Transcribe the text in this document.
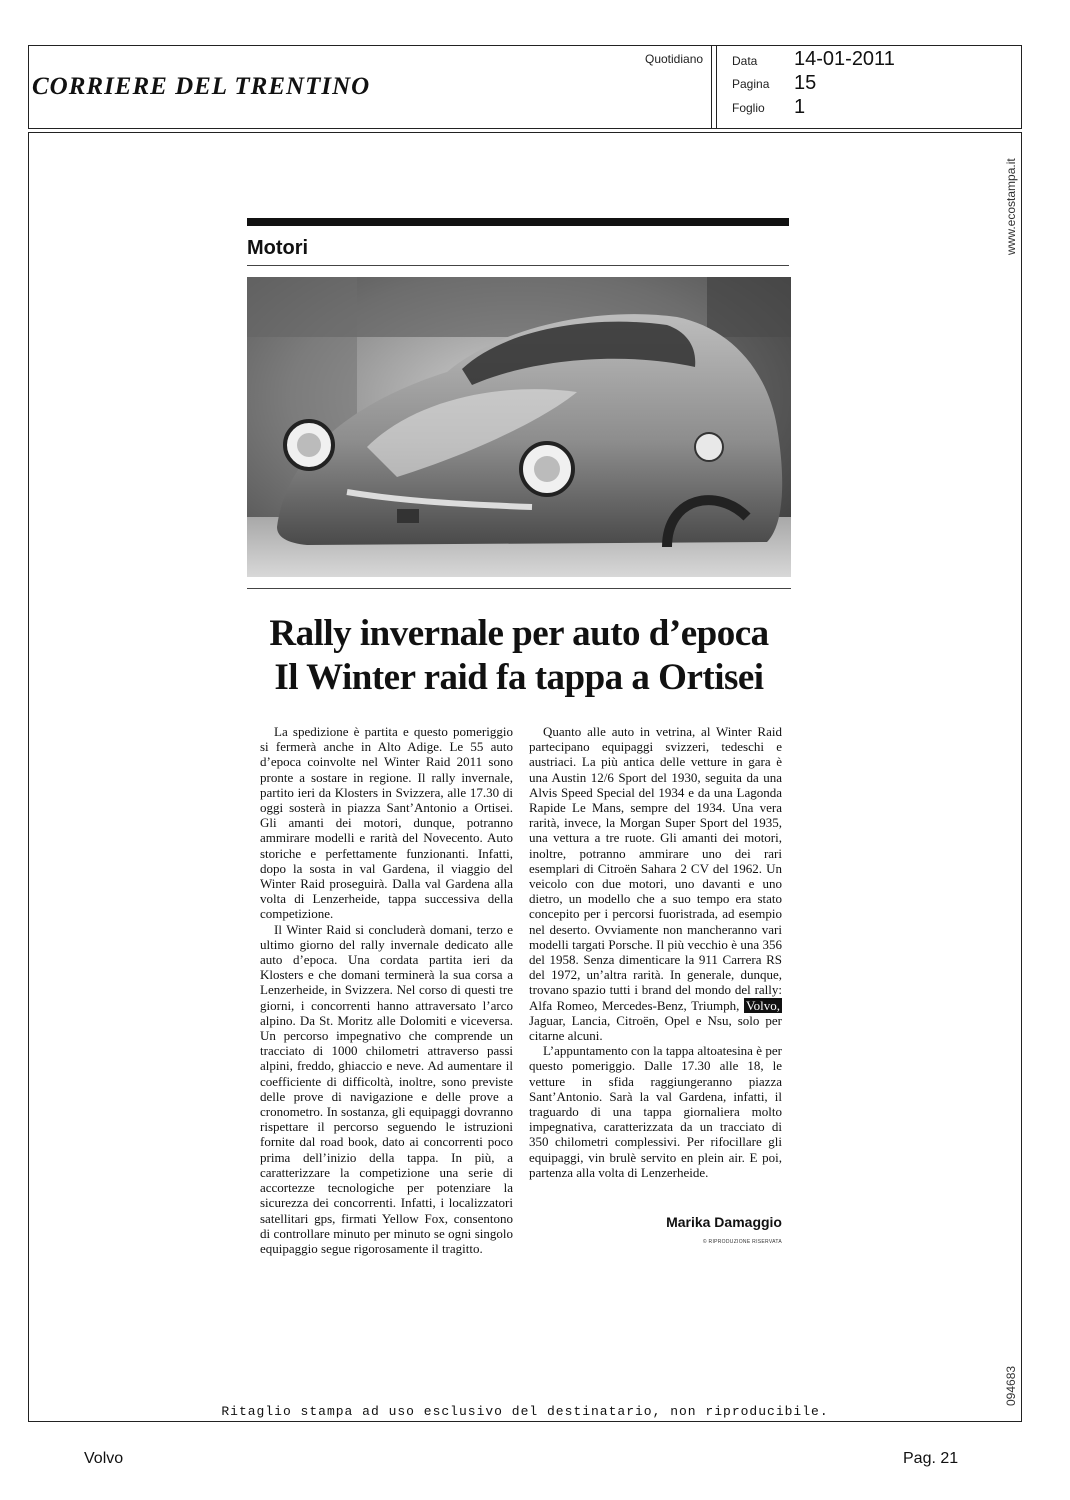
CORRIERE DEL TRENTINO
Quotidiano Data 14-01-2011
Pagina 15
Foglio 1
www.ecostampa.it
094683
Motori
Rally invernale per auto d’epoca
Il Winter raid fa tappa a Ortisei

La spedizione è partita e questo pomeriggio si fermerà anche in Alto Adige. Le 55 auto d’epoca coinvolte nel Winter Raid 2011 sono pronte a sostare in regione. Il rally invernale, partito ieri da Klosters in Svizzera, alle 17.30 di oggi sosterà in piazza Sant’Antonio a Ortisei. Gli amanti dei motori, dunque, potranno ammirare modelli e rarità del Novecento. Auto storiche e perfettamente funzionanti. Infatti, dopo la sosta in val Gardena, il viaggio del Winter Raid proseguirà. Dalla val Gardena alla volta di Lenzerheide, tappa successiva della competizione.

Il Winter Raid si concluderà domani, terzo e ultimo giorno del rally invernale dedicato alle auto d’epoca. Una cordata partita ieri da Klosters e che domani terminerà la sua corsa a Lenzerheide, in Svizzera. Nel corso di questi tre giorni, i concorrenti hanno attraversato l’arco alpino. Da St. Moritz alle Dolomiti e viceversa. Un percorso impegnativo che comprende un tracciato di 1000 chilometri attraverso passi alpini, freddo, ghiaccio e neve. Ad aumentare il coefficiente di difficoltà, inoltre, sono previste delle prove di navigazione e delle prove a cronometro. In sostanza, gli equipaggi dovranno rispettare il percorso seguendo le istruzioni fornite dal road book, dato ai concorrenti poco prima dell’inizio della tappa. In più, a caratterizzare la competizione una serie di accortezze tecnologiche per potenziare la sicurezza dei concorrenti. Infatti, i localizzatori satellitari gps, firmati Yellow Fox, consentono di controllare minuto per minuto se ogni singolo equipaggio segue rigorosamente il tragitto.

Quanto alle auto in vetrina, al Winter Raid partecipano equipaggi svizzeri, tedeschi e austriaci. La più antica delle vetture in gara è una Austin 12/6 Sport del 1930, seguita da una Alvis Speed Special del 1934 e da una Lagonda Rapide Le Mans, sempre del 1934. Una vera rarità, invece, la Morgan Super Sport del 1935, una vettura a tre ruote. Gli amanti dei motori, inoltre, potranno ammirare uno dei rari esemplari di Citroën Sahara 2 CV del 1962. Un veicolo con due motori, uno davanti e uno dietro, un modello che a suo tempo era stato concepito per i percorsi fuoristrada, ad esempio nel deserto. Ovviamente non mancheranno vari modelli targati Porsche. Il più vecchio è una 356 del 1958. Senza dimenticare la 911 Carrera RS del 1972, un’altra rarità. In generale, dunque, trovano spazio tutti i brand del mondo del rally: Alfa Romeo, Mercedes-Benz, Triumph, Volvo, Jaguar, Lancia, Citroën, Opel e Nsu, solo per citarne alcuni.

L’appuntamento con la tappa altoatesina è per questo pomeriggio. Dalle 17.30 alle 18, le vetture in sfida raggiungeranno piazza Sant’Antonio. Sarà la val Gardena, infatti, il traguardo di una tappa giornaliera molto impegnativa, caratterizzata da un tracciato di 350 chilometri complessivi. Per rifocillare gli equipaggi, vin brulè servito en plein air. E poi, partenza alla volta di Lenzerheide.

Marika Damaggio
© RIPRODUZIONE RISERVATA
Ritaglio stampa ad uso esclusivo del destinatario, non riproducibile.
Volvo	Pag. 21
